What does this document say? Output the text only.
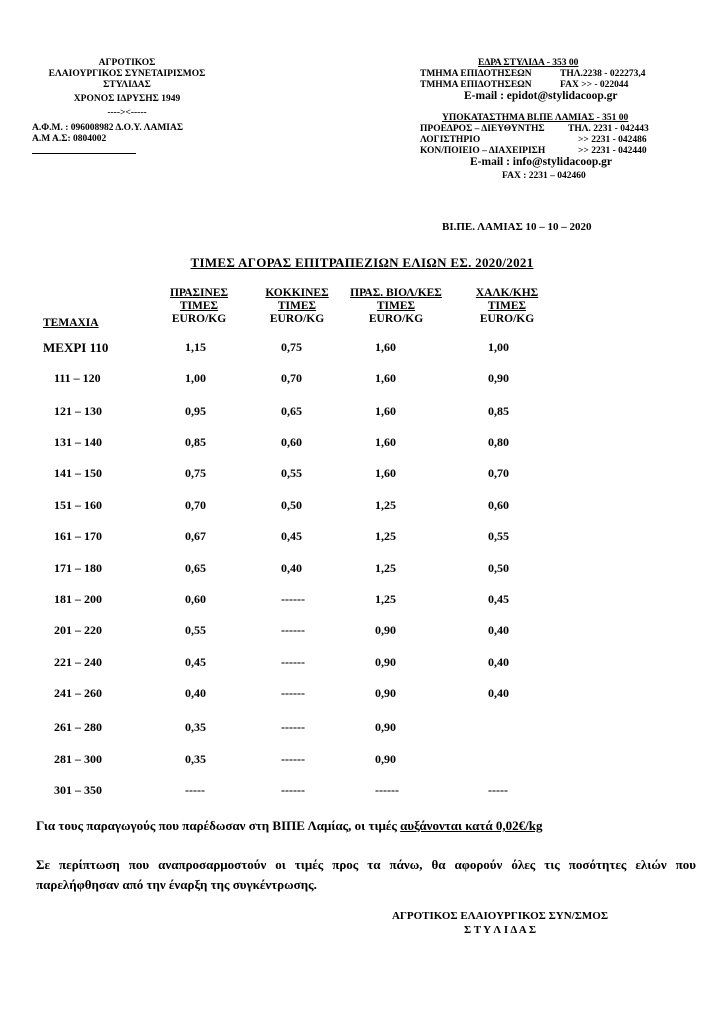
ΑΓΡΟΤΙΚΟΣ
ΕΛΑΙΟΥΡΓΙΚΟΣ ΣΥΝΕΤΑΙΡΙΣΜΟΣ
ΣΤΥΛΙΔΑΣ
ΧΡΟΝΟΣ ΙΔΡΥΣΗΣ 1949
----><-----
Α.Φ.Μ. : 096008982 Δ.Ο.Υ. ΛΑΜΙΑΣ
Α.Μ Α.Σ: 0804002
ΕΔΡΑ ΣΤΥΛΙΔΑ - 353 00
ΤΜΗΜΑ ΕΠΙΔΟΤΗΣΕΩΝ	ΤΗΛ.2238 - 022273,4
ΤΜΗΜΑ ΕΠΙΔΟΤΗΣΕΩΝ	FAX >> - 022044
E-mail : epidot@stylidacoop.gr
ΥΠΟΚΑΤΑΣΤΗΜΑ ΒΙ.ΠΕ ΛΑΜΙΑΣ - 351 00
ΠΡΟΕΔΡΟΣ – ΔΙΕΥΘΥΝΤΗΣ ΤΗΛ. 2231 - 042443
ΛΟΓΙΣΤΗΡΙΟ	>> 2231 - 042486
ΚΟΝ/ΠΟΙΕΙΟ – ΔΙΑΧΕΙΡΙΣΗ	>> 2231 - 042440
E-mail : info@stylidacoop.gr
FAX : 2231 – 042460
ΒΙ.ΠΕ. ΛΑΜΙΑΣ 10 – 10 – 2020
ΤΙΜΕΣ ΑΓΟΡΑΣ ΕΠΙΤΡΑΠΕΖΙΩΝ ΕΛΙΩΝ ΕΣ. 2020/2021
ΤΕΜΑΧΙΑ
ΠΡΑΣΙΝΕΣ
ΤΙΜΕΣ
EURO/KG
ΚΟΚΚΙΝΕΣ
ΤΙΜΕΣ
EURO/KG
ΠΡΑΣ. ΒΙΟΛ/ΚΕΣ
ΤΙΜΕΣ
EURO/KG
ΧΑΛΚ/ΚΗΣ
ΤΙΜΕΣ
EURO/KG
ΜΕΧΡΙ 110	1,15	0,75	1,60	1,00
111 – 120	1,00	0,70	1,60	0,90
121 – 130	0,95	0,65	1,60	0,85
131 – 140	0,85	0,60	1,60	0,80
141 – 150	0,75	0,55	1,60	0,70
151 – 160	0,70	0,50	1,25	0,60
161 – 170	0,67	0,45	1,25	0,55
171 – 180	0,65	0,40	1,25	0,50
181 – 200	0,60	------	1,25	0,45
201 – 220	0,55	------	0,90	0,40
221 – 240	0,45	------	0,90	0,40
241 – 260	0,40	------	0,90	0,40
261 – 280	0,35	------	0,90
281 – 300	0,35	------	0,90
301 – 350	-----	------	------	-----
Για τους παραγωγούς που παρέδωσαν στη ΒΙΠΕ Λαμίας, οι τιμές αυξάνονται κατά 0,02€/kg
Σε περίπτωση που αναπροσαρμοστούν οι τιμές προς τα πάνω, θα αφορούν όλες τις ποσότητες ελιών που παρελήφθησαν από την έναρξη της συγκέντρωσης.
ΑΓΡΟΤΙΚΟΣ ΕΛΑΙΟΥΡΓΙΚΟΣ ΣΥΝ/ΣΜΟΣ
Σ Τ Υ Λ Ι Δ Α Σ
